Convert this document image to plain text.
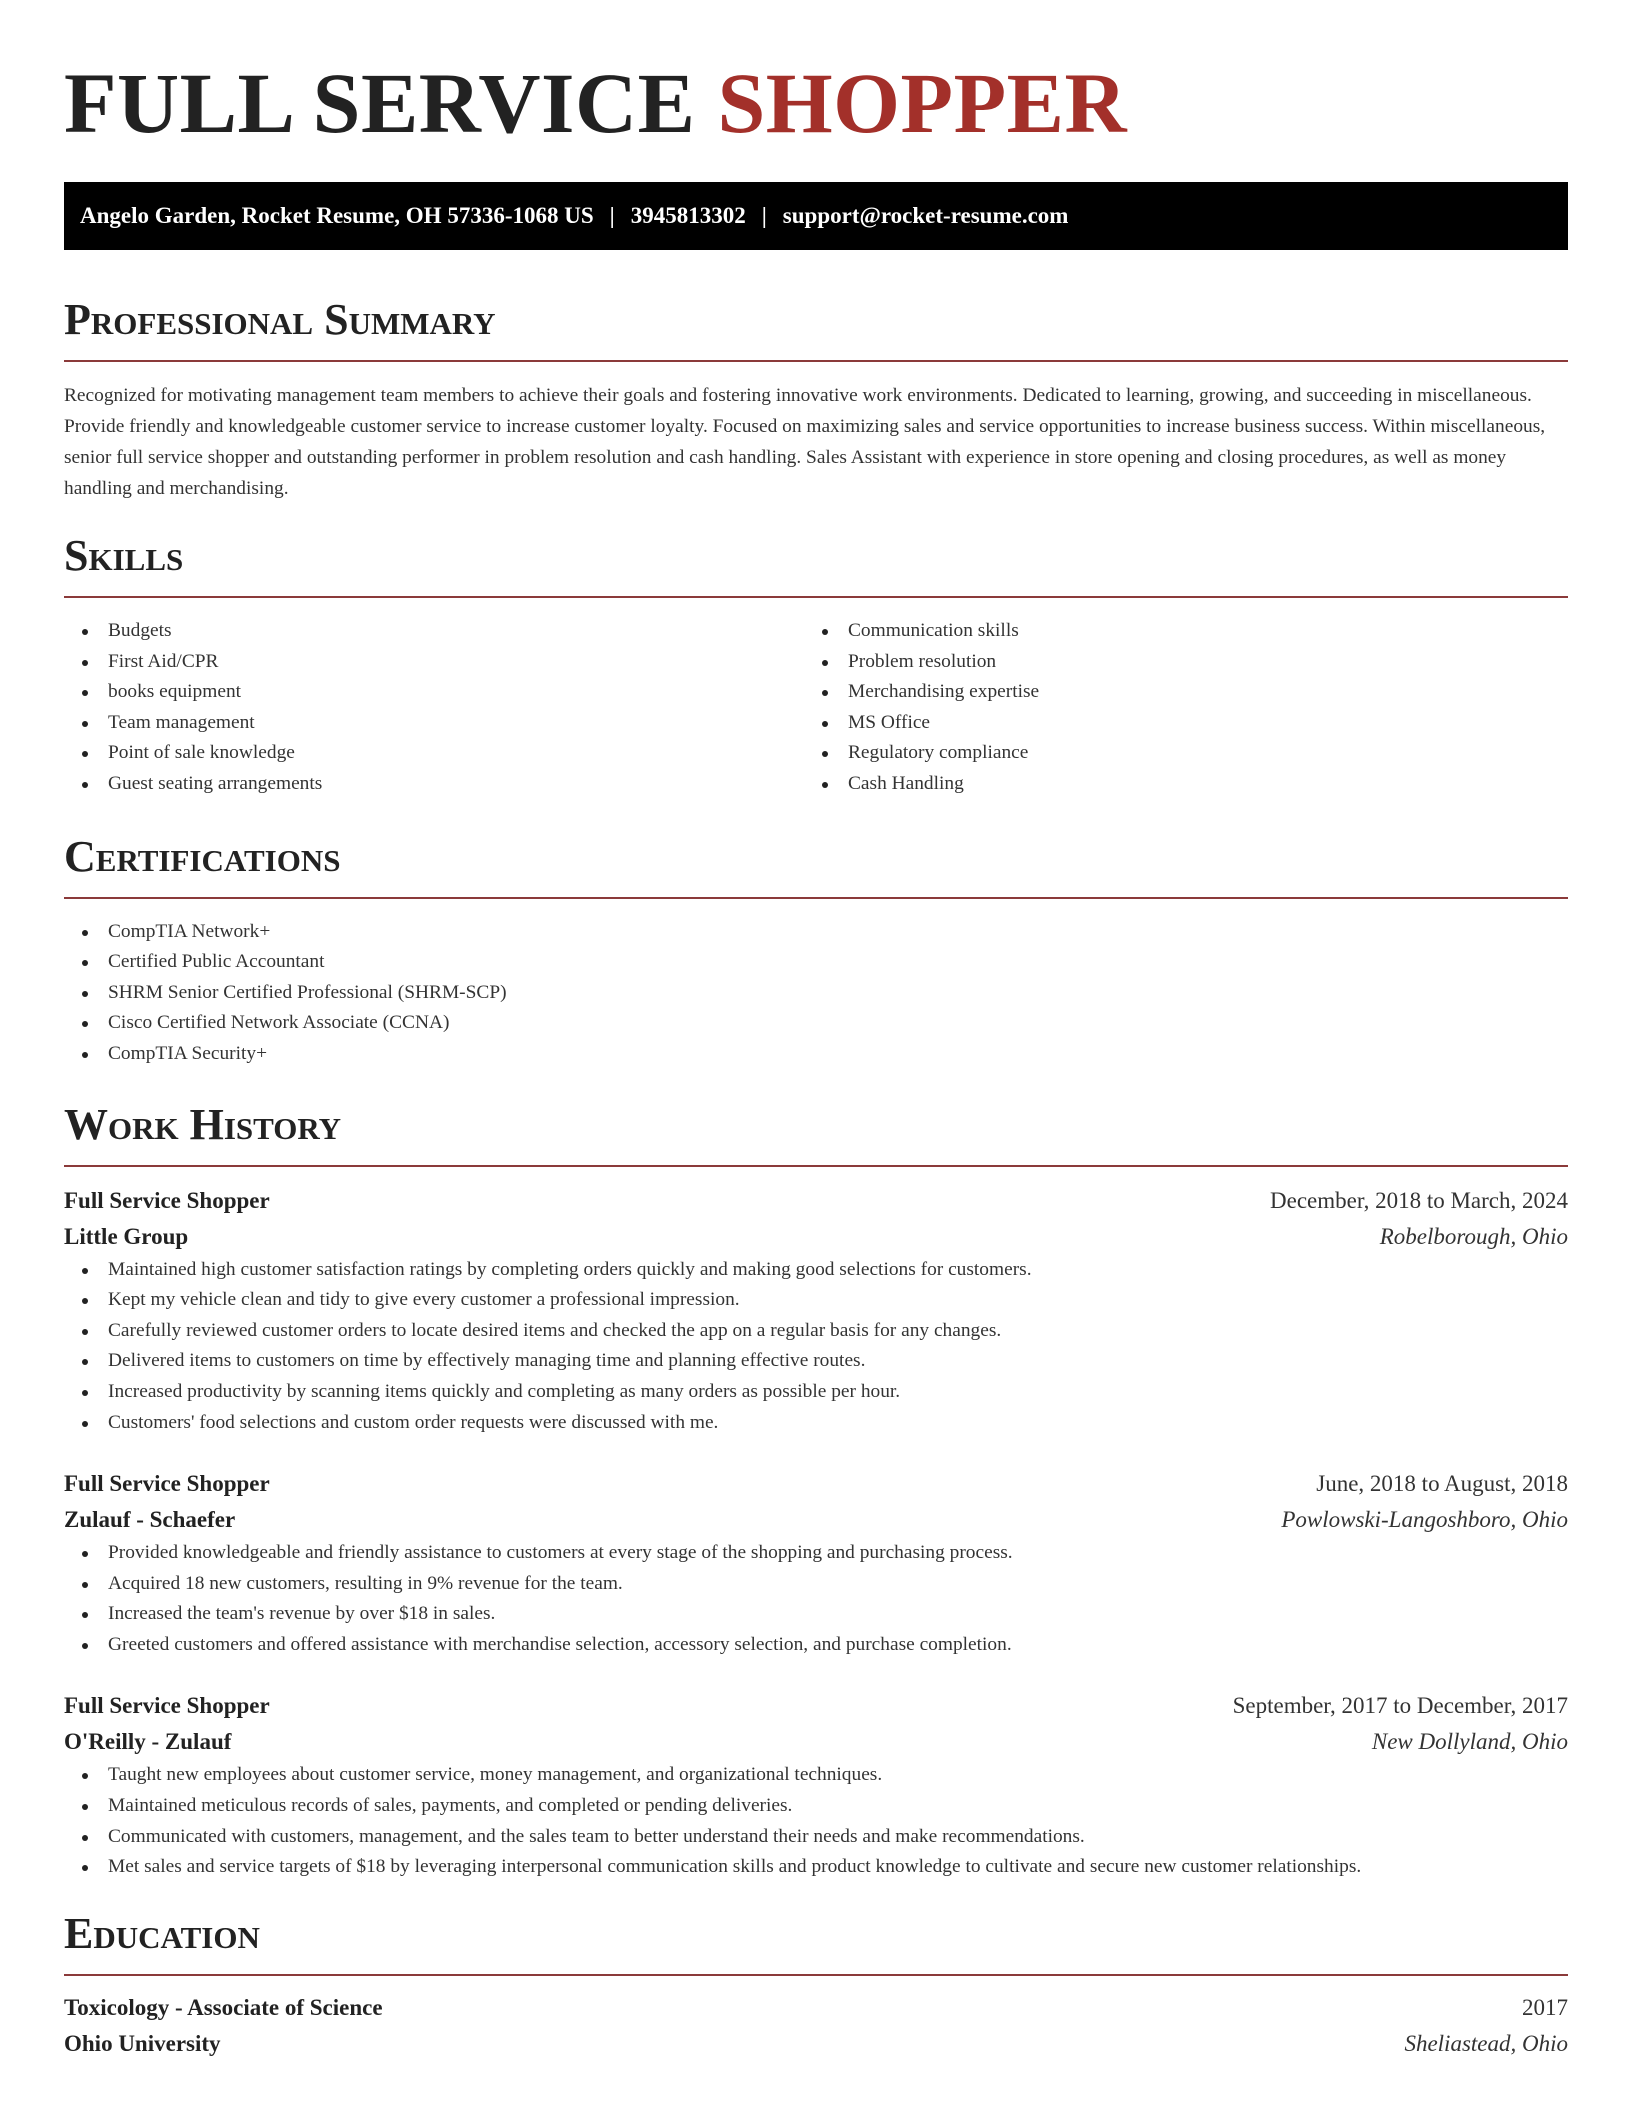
FULL SERVICE SHOPPER
Angelo Garden, Rocket Resume, OH 57336-1068 US | 3945813302 | support@rocket-resume.com
Professional Summary

Recognized for motivating management team members to achieve their goals and fostering innovative work environments. Dedicated to learning, growing, and succeeding in miscellaneous. Provide friendly and knowledgeable customer service to increase customer loyalty. Focused on maximizing sales and service opportunities to increase business success. Within miscellaneous, senior full service shopper and outstanding performer in problem resolution and cash handling. Sales Assistant with experience in store opening and closing procedures, as well as money handling and merchandising.

Skills
Budgets
First Aid/CPR
books equipment
Team management
Point of sale knowledge
Guest seating arrangements
Communication skills
Problem resolution
Merchandising expertise
MS Office
Regulatory compliance
Cash Handling
Certifications
CompTIA Network+
Certified Public Accountant
SHRM Senior Certified Professional (SHRM-SCP)
Cisco Certified Network Associate (CCNA)
CompTIA Security+
Work History
Full Service Shopper	December, 2018 to March, 2024
Little Group	Robelborough, Ohio
Maintained high customer satisfaction ratings by completing orders quickly and making good selections for customers.
Kept my vehicle clean and tidy to give every customer a professional impression.
Carefully reviewed customer orders to locate desired items and checked the app on a regular basis for any changes.
Delivered items to customers on time by effectively managing time and planning effective routes.
Increased productivity by scanning items quickly and completing as many orders as possible per hour.
Customers' food selections and custom order requests were discussed with me.
Full Service Shopper	June, 2018 to August, 2018
Zulauf - Schaefer	Powlowski-Langoshboro, Ohio
Provided knowledgeable and friendly assistance to customers at every stage of the shopping and purchasing process.
Acquired 18 new customers, resulting in 9% revenue for the team.
Increased the team's revenue by over $18 in sales.
Greeted customers and offered assistance with merchandise selection, accessory selection, and purchase completion.
Full Service Shopper	September, 2017 to December, 2017
O'Reilly - Zulauf	New Dollyland, Ohio
Taught new employees about customer service, money management, and organizational techniques.
Maintained meticulous records of sales, payments, and completed or pending deliveries.
Communicated with customers, management, and the sales team to better understand their needs and make recommendations.
Met sales and service targets of $18 by leveraging interpersonal communication skills and product knowledge to cultivate and secure new customer relationships.
Education
Toxicology - Associate of Science	2017
Ohio University	Sheliastead, Ohio
